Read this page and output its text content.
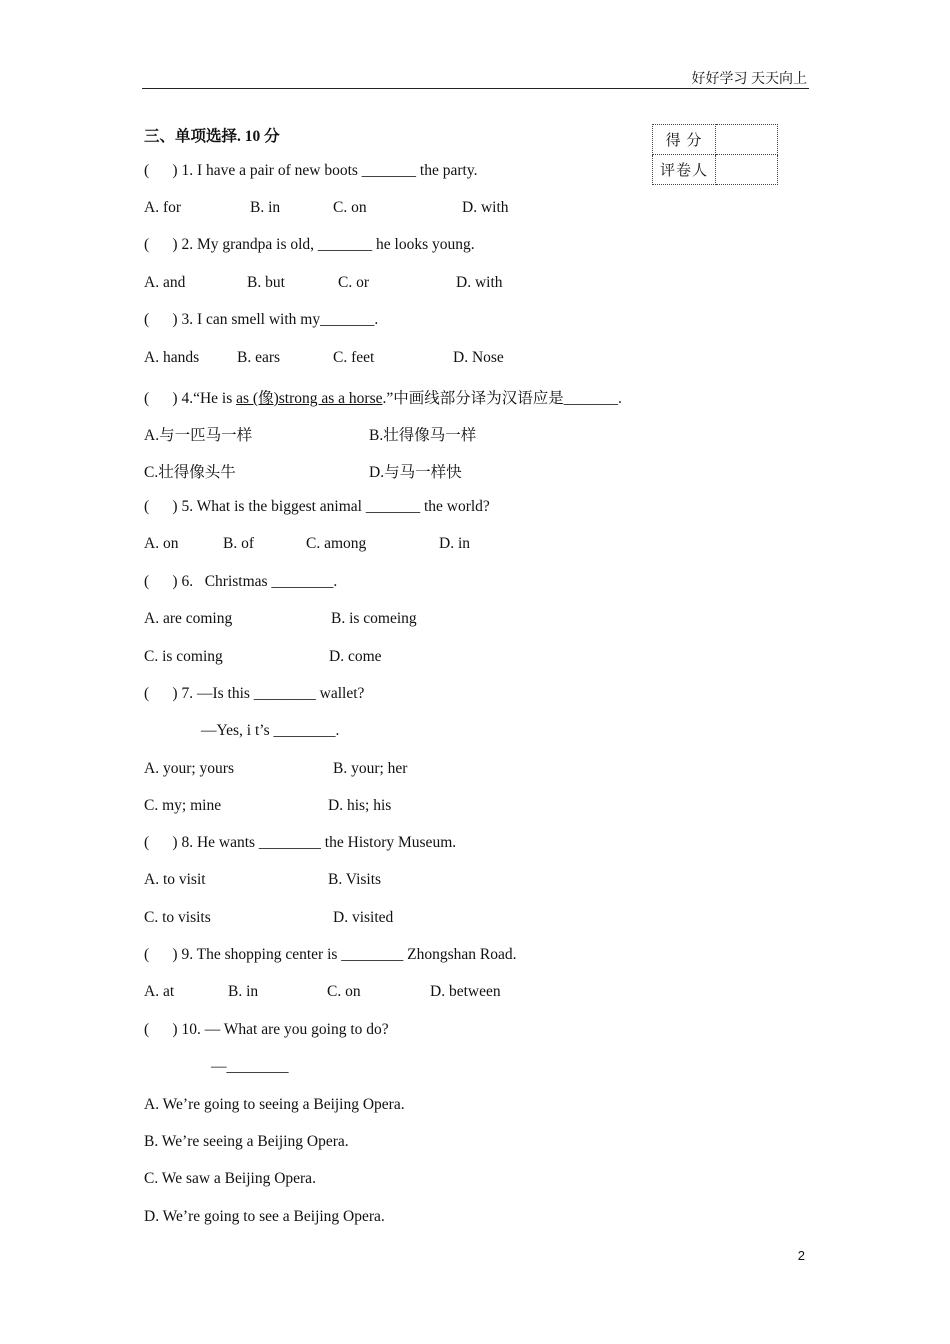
好好学习 天天向上
三、单项选择. 10 分	得 分	
评卷人	
(      ) 1. I have a pair of new boots _______ the party.
A. for	B. in	C. on	D. with
(      ) 2. My grandpa is old, _______ he looks young.
A. and	B. but	C. or	D. with
(      ) 3. I can smell with my_______.
A. hands B. ears	C. feet	D. Nose
(      ) 4.“He is as (像)strong as a horse.”中画线部分译为汉语应是_______.
A.与一匹马一样	B.壮得像马一样
C.壮得像头牛	D.与马一样快
(      ) 5. What is the biggest animal _______ the world?
A. on	B. of	C. among	D. in
(      ) 6.   Christmas ________.
A. are coming	B. is comeing
C. is coming	D. come
(      ) 7. —Is this ________ wallet?
—Yes, i t’s ________.
A. your; yours	B. your; her
C. my; mine	D. his; his
(      ) 8. He wants ________ the History Museum.
A. to visit	B. Visits
C. to visits	D. visited
(      ) 9. The shopping center is ________ Zhongshan Road.
A. at	B. in	C. on	D. between
(      ) 10. — What are you going to do?
—________
A. We’re going to seeing a Beijing Opera.
B. We’re seeing a Beijing Opera.
C. We saw a Beijing Opera.
D. We’re going to see a Beijing Opera.
2
